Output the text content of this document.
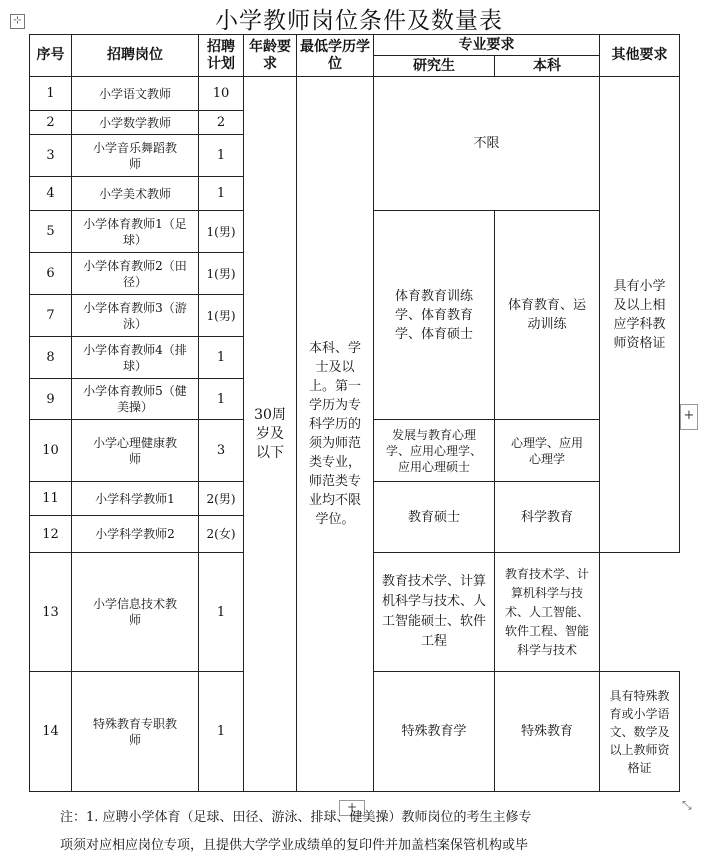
小学教师岗位条件及数量表
⊹
序号	招聘岗位	招聘计划	年龄要求	最低学历学位	专业要求		其他要求
					研究生	本科	
1	小学语文教师	10	30周岁及以下	本科、学士及以上。第一学历为专科学历的须为师范类专业，师范类专业均不限学位。	不限		具有小学及以上相应学科教师资格证

2	小学数学教师	2					
3	小学音乐舞蹈教师	1					
4	小学美术教师	1					
5	小学体育教师1（足球）	1(男)			体育教育训练学、体育教育学、体育硕士	体育教育、运动训练	

6	小学体育教师2（田径）	1(男)					
7	小学体育教师3（游泳）	1(男)					
8	小学体育教师4（排球）	1					
9	小学体育教师5（健美操）	1					
10	小学心理健康教师	3			发展与教育心理学、应用心理学、应用心理硕士	心理学、应用心理学	

11	小学科学教师1	2(男)			教育硕士	科学教育	
12	小学科学教师2	2(女)					
13	小学信息技术教师	1			教育技术学、计算机科学与技术、人工智能硕士、软件工程	教育技术学、计算机科学与技术、人工智能、软件工程、智能科学与技术	

14	特殊教育专职教师	1			特殊教育学	特殊教育	具有特殊教育或小学语文、数学及以上教师资格证
+
+	⤡

注：1. 应聘小学体育（足球、田径、游泳、排球、健美操）教师岗位的考生主修专

项须对应相应岗位专项，且提供大学学业成绩单的复印件并加盖档案保管机构或毕
